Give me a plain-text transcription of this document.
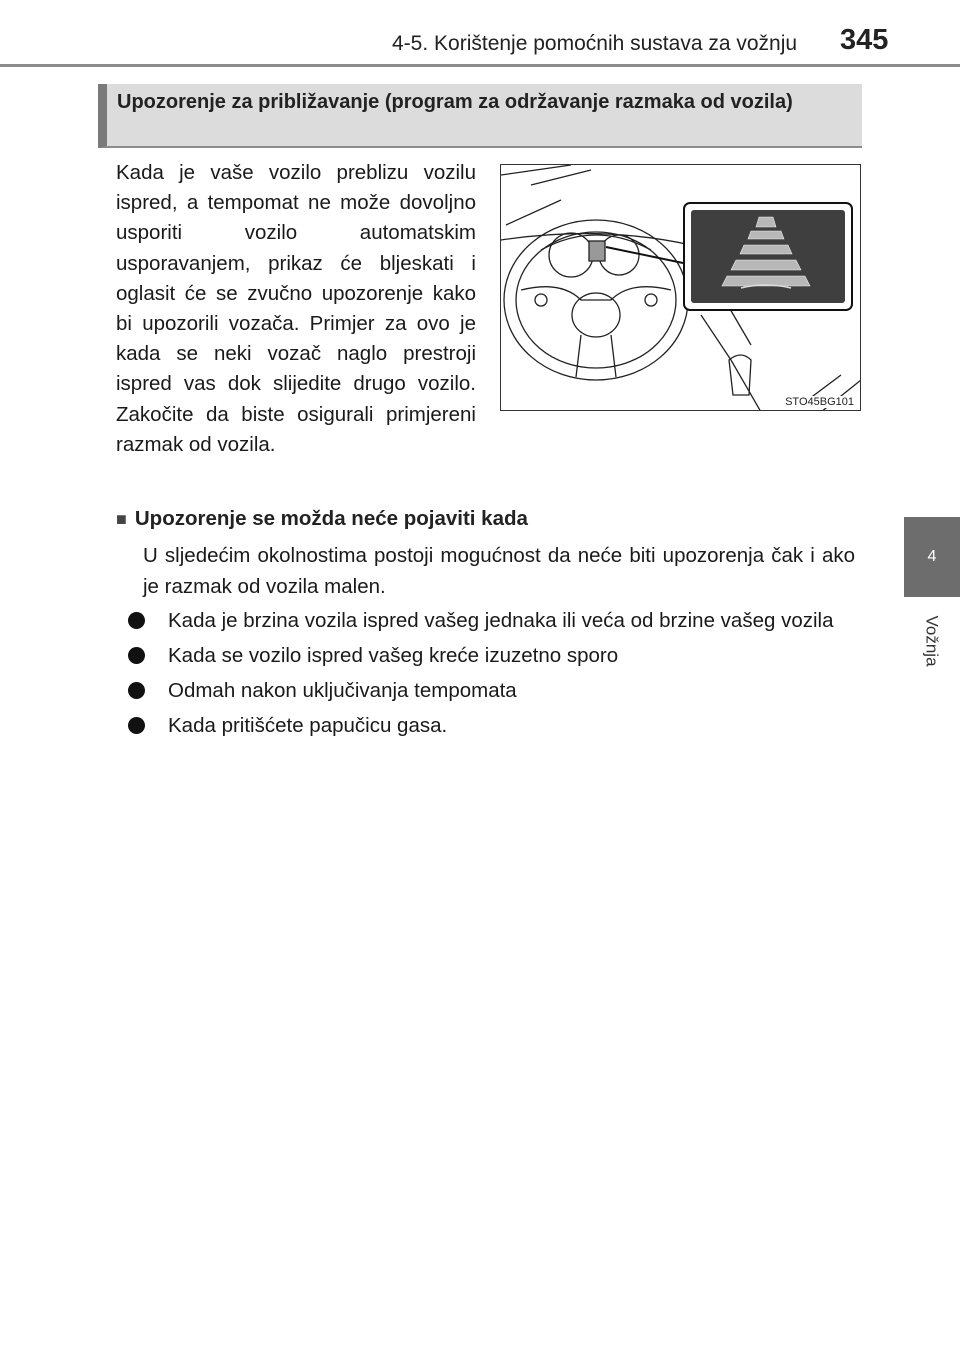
4-5. Korištenje pomoćnih sustava za vožnju 345
4
Vožnja
Upozorenje za približavanje (program za održavanje razmaka od vozila)

Kada je vaše vozilo preblizu vozilu ispred, a tempomat ne može dovoljno usporiti vozilo automatskim usporavanjem, prikaz će bljeskati i oglasit će se zvučno upozorenje kako bi upozorili vozača. Primjer za ovo je kada se neki vozač naglo prestroji ispred vas dok slijedite drugo vozilo. Zakočite da biste osigurali primjereni razmak od vozila.

STO45BG101
■ Upozorenje se možda neće pojaviti kada

U sljedećim okolnostima postoji mogućnost da neće biti upozorenja čak i ako je razmak od vozila malen.

Kada je brzina vozila ispred vašeg jednaka ili veća od brzine vašeg vozila
Kada se vozilo ispred vašeg kreće izuzetno sporo
Odmah nakon uključivanja tempomata
Kada pritišćete papučicu gasa.
